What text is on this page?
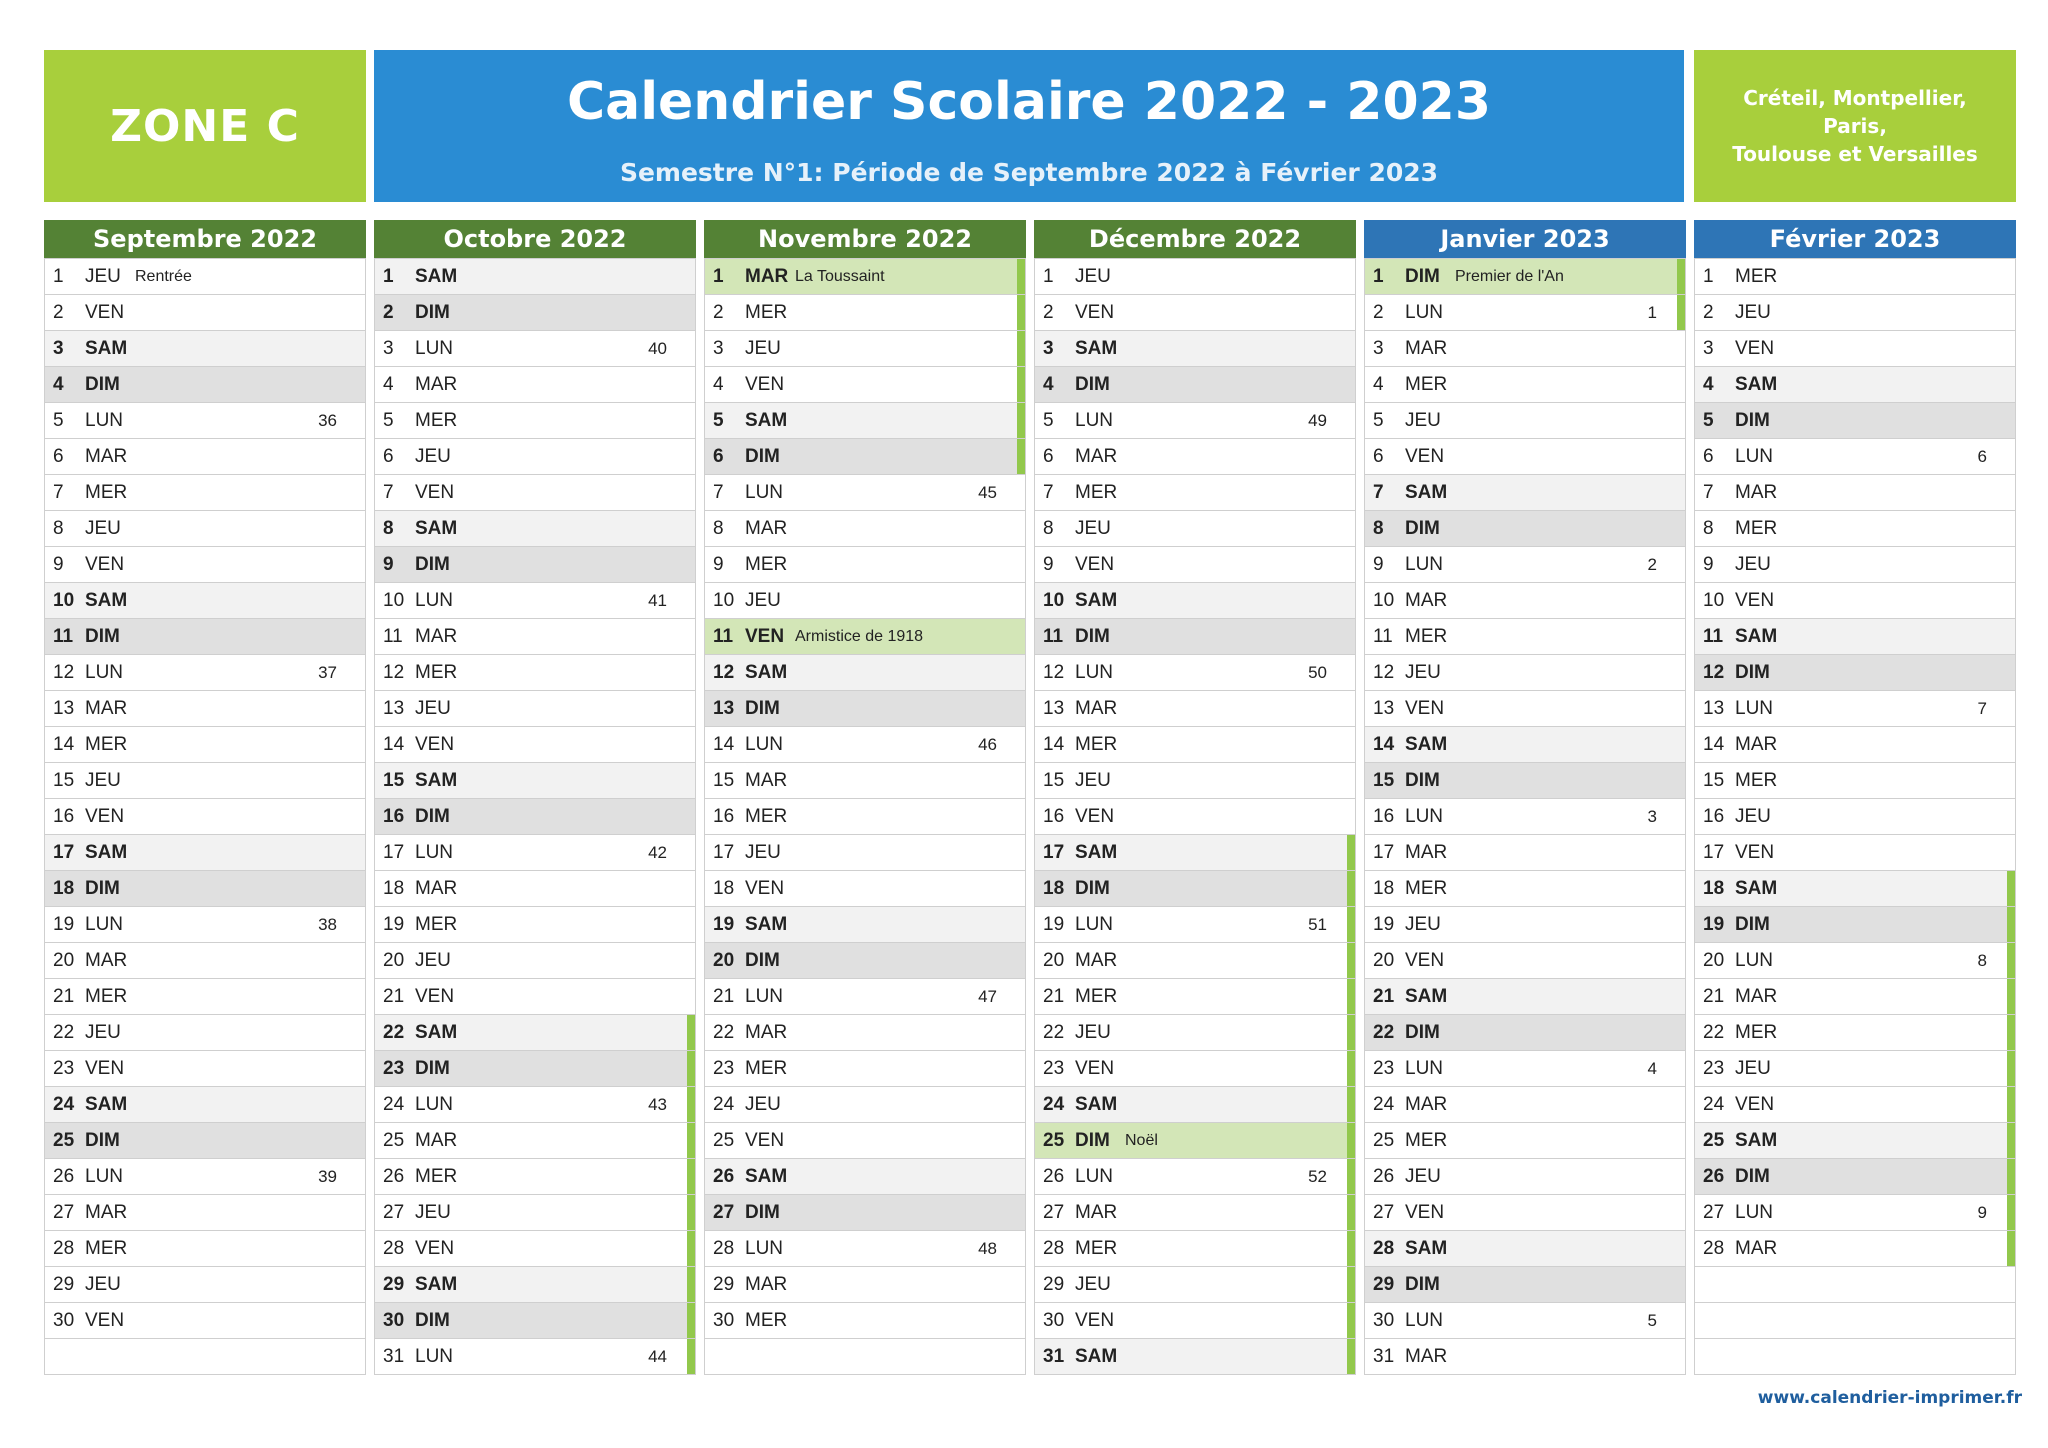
ZONE C	Calendrier Scolaire 2022 - 2023
Semestre N°1: Période de Septembre 2022 à Février 2023
Créteil, Montpellier, Paris,
Toulouse et Versailles
Septembre 2022
1 JEU Rentrée
2 VEN
3 SAM
4 DIM
5 LUN	36
6 MAR
7 MER
8 JEU
9 VEN
10 SAM
11 DIM
12 LUN	37
13 MAR
14 MER
15 JEU
16 VEN
17 SAM
18 DIM
19 LUN	38
20 MAR
21 MER
22 JEU
23 VEN
24 SAM
25 DIM
26 LUN	39
27 MAR
28 MER
29 JEU
30 VEN
Octobre 2022
1 SAM
2 DIM
3 LUN	40
4 MAR
5 MER
6 JEU
7 VEN
8 SAM
9 DIM
10 LUN	41
11 MAR
12 MER
13 JEU
14 VEN
15 SAM
16 DIM
17 LUN	42
18 MAR
19 MER
20 JEU
21 VEN
22 SAM
23 DIM
24 LUN	43
25 MAR
26 MER
27 JEU
28 VEN
29 SAM
30 DIM
31 LUN	44
Novembre 2022
1 MAR La Toussaint
2 MER
3 JEU
4 VEN
5 SAM
6 DIM
7 LUN	45
8 MAR
9 MER
10 JEU
11 VEN Armistice de 1918
12 SAM
13 DIM
14 LUN	46
15 MAR
16 MER
17 JEU
18 VEN
19 SAM
20 DIM
21 LUN	47
22 MAR
23 MER
24 JEU
25 VEN
26 SAM
27 DIM
28 LUN	48
29 MAR
30 MER
Décembre 2022
1 JEU
2 VEN
3 SAM
4 DIM
5 LUN	49
6 MAR
7 MER
8 JEU
9 VEN
10 SAM
11 DIM
12 LUN	50
13 MAR
14 MER
15 JEU
16 VEN
17 SAM
18 DIM
19 LUN	51
20 MAR
21 MER
22 JEU
23 VEN
24 SAM
25 DIM Noël
26 LUN	52
27 MAR
28 MER
29 JEU
30 VEN
31 SAM
Janvier 2023
1 DIM Premier de l'An
2 LUN	1
3 MAR
4 MER
5 JEU
6 VEN
7 SAM
8 DIM
9 LUN	2
10 MAR
11 MER
12 JEU
13 VEN
14 SAM
15 DIM
16 LUN	3
17 MAR
18 MER
19 JEU
20 VEN
21 SAM
22 DIM
23 LUN	4
24 MAR
25 MER
26 JEU
27 VEN
28 SAM
29 DIM
30 LUN	5
31 MAR
Février 2023
1 MER
2 JEU
3 VEN
4 SAM
5 DIM
6 LUN	6
7 MAR
8 MER
9 JEU
10 VEN
11 SAM
12 DIM
13 LUN	7
14 MAR
15 MER
16 JEU
17 VEN
18 SAM
19 DIM
20 LUN	8
21 MAR
22 MER
23 JEU
24 VEN
25 SAM
26 DIM
27 LUN	9
28 MAR
www.calendrier-imprimer.fr
